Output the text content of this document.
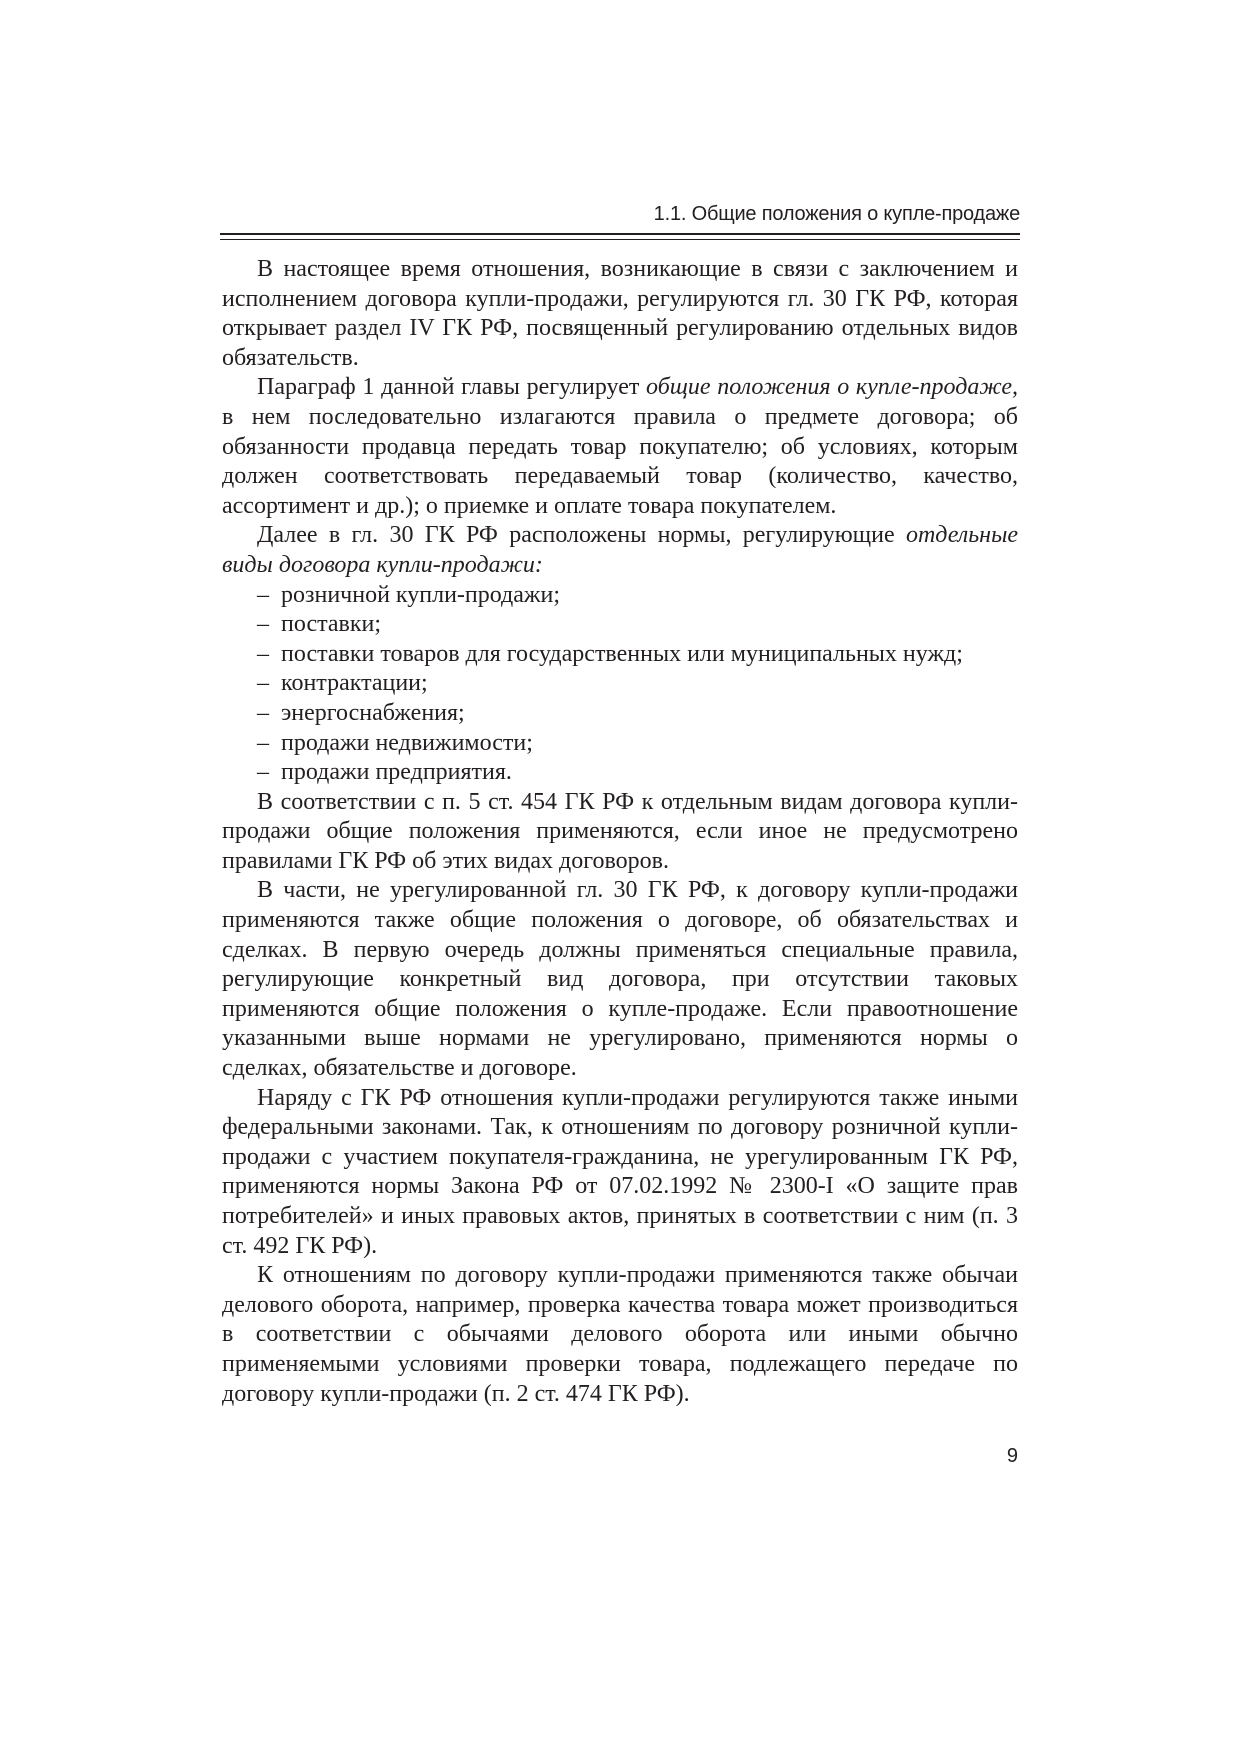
1.1. Общие положения о купле-продаже

В настоящее время отношения, возникающие в связи с заключением и исполнением договора купли-продажи, регулируются гл. 30 ГК РФ, которая открывает раздел IV ГК РФ, посвященный регулированию отдельных видов обязательств.

Параграф 1 данной главы регулирует общие положения о купле-продаже, в нем последовательно излагаются правила о предмете договора; об обязанности продавца передать товар покупателю; об условиях, которым должен соответствовать передаваемый товар (количество, качество, ассортимент и др.); о приемке и оплате товара покупателем.

Далее в гл. 30 ГК РФ расположены нормы, регулирующие отдельные виды договора купли-продажи:

– розничной купли-продажи;
– поставки;
– поставки товаров для государственных или муниципальных нужд;
– контрактации;
– энергоснабжения;
– продажи недвижимости;
– продажи предприятия.

В соответствии с п. 5 ст. 454 ГК РФ к отдельным видам договора купли-продажи общие положения применяются, если иное не предусмотрено правилами ГК РФ об этих видах договоров.

В части, не урегулированной гл. 30 ГК РФ, к договору купли-продажи применяются также общие положения о договоре, об обязательствах и сделках. В первую очередь должны применяться специальные правила, регулирующие конкретный вид договора, при отсутствии таковых применяются общие положения о купле-продаже. Если правоотношение указанными выше нормами не урегулировано, применяются нормы о сделках, обязательстве и договоре.

Наряду с ГК РФ отношения купли-продажи регулируются также иными федеральными законами. Так, к отношениям по договору розничной купли-продажи с участием покупателя-гражданина, не урегулированным ГК РФ, применяются нормы Закона РФ от 07.02.1992 № 2300-I «О защите прав потребителей» и иных правовых актов, принятых в соответствии с ним (п. 3 ст. 492 ГК РФ).

К отношениям по договору купли-продажи применяются также обычаи делового оборота, например, проверка качества товара может производиться в соответствии с обычаями делового оборота или иными обычно применяемыми условиями проверки товара, подлежащего передаче по договору купли-продажи (п. 2 ст. 474 ГК РФ).

9
